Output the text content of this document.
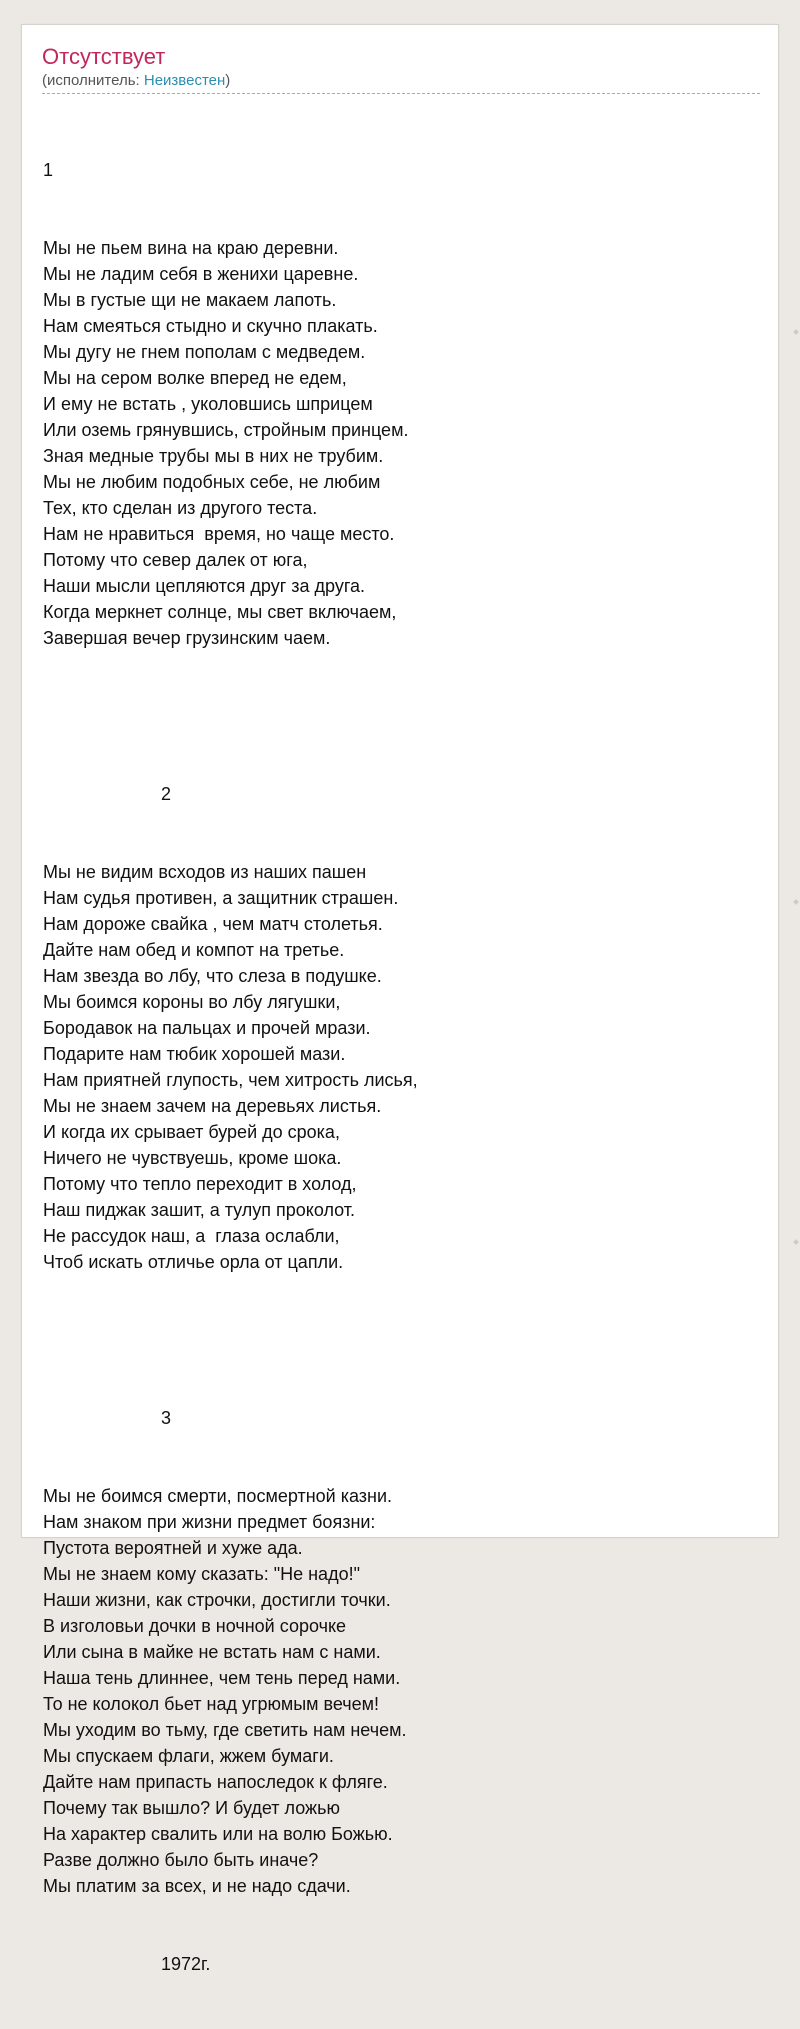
Отсутствует
(исполнитель: Неизвестен)

1

Мы не пьем вина на краю деревни.
Мы не ладим себя в женихи царевне.
Мы в густые щи не макаем лапоть.
Нам смеяться стыдно и скучно плакать.
Мы дугу не гнем пополам с медведем.
Мы на сером волке вперед не едем,
И ему не встать , уколовшись шприцем
Или оземь грянувшись, стройным принцем.
Зная медные трубы мы в них не трубим.
Мы не любим подобных себе, не любим
Тех, кто сделан из другого теста.
Нам не нравиться  время, но чаще место.
Потому что север далек от юга,
Наши мысли цепляются друг за друга.
Когда меркнет солнце, мы свет включаем,
Завершая вечер грузинским чаем.

2

Мы не видим всходов из наших пашен
Нам судья противен, а защитник страшен.
Нам дороже свайка , чем матч столетья.
Дайте нам обед и компот на третье.
Нам звезда во лбу, что слеза в подушке.
Мы боимся короны во лбу лягушки,
Бородавок на пальцах и прочей мрази.
Подарите нам тюбик хорошей мази.
Нам приятней глупость, чем хитрость лисья,
Мы не знаем зачем на деревьях листья.
И когда их срывает бурей до срока,
Ничего не чувствуешь, кроме шока.
Потому что тепло переходит в холод,
Наш пиджак зашит, а тулуп проколот.
Не рассудок наш, а  глаза ослабли,
Чтоб искать отличье орла от цапли.

3

Мы не боимся смерти, посмертной казни.
Нам знаком при жизни предмет боязни:
Пустота вероятней и хуже ада.
Мы не знаем кому сказать: "Не надо!"
Наши жизни, как строчки, достигли точки.
В изголовьи дочки в ночной сорочке
Или сына в майке не встать нам с нами.
Наша тень длиннее, чем тень перед нами.
То не колокол бьет над угрюмым вечем!
Мы уходим во тьму, где светить нам нечем.
Мы спускаем флаги, жжем бумаги.
Дайте нам припасть напоследок к фляге.
Почему так вышло? И будет ложью
На характер свалить или на волю Божью.
Разве должно было быть иначе?
Мы платим за всех, и не надо сдачи.

1972г.
